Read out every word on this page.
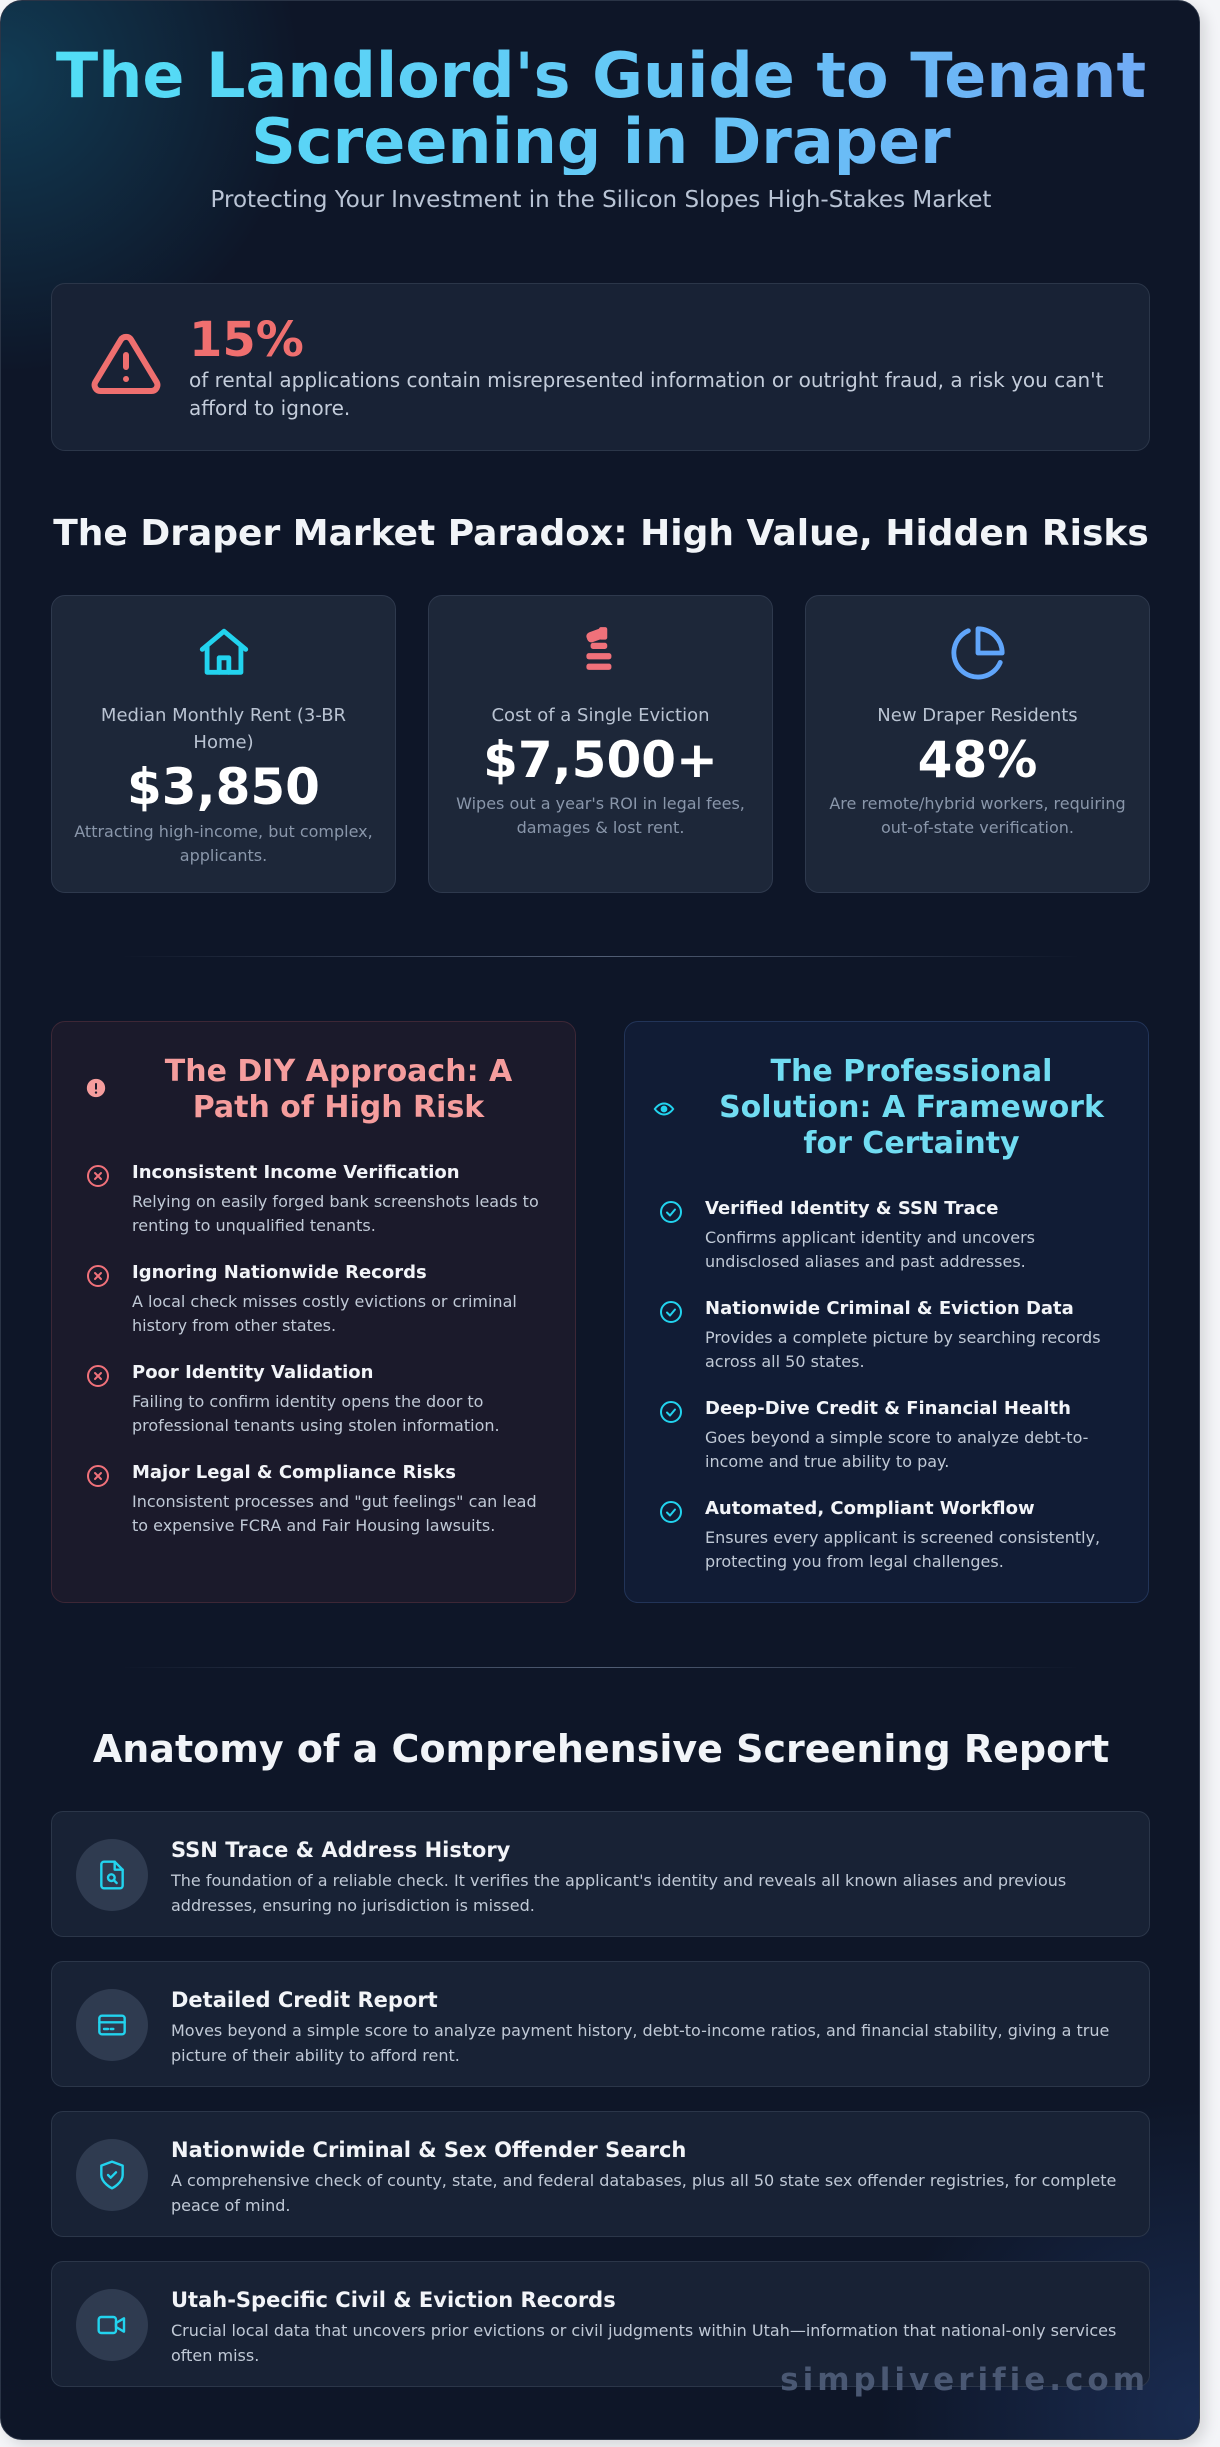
The Landlord's Guide to Tenant
Screening in Draper
Protecting Your Investment in the Silicon Slopes High-Stakes Market
15%
of rental applications contain misrepresented information or outright fraud, a risk you can't afford to ignore.
The Draper Market Paradox: High Value, Hidden Risks
Median Monthly Rent (3-BR Home)
$3,850
Attracting high-income, but complex, applicants.
Cost of a Single Eviction
$7,500+
Wipes out a year's ROI in legal fees, damages & lost rent.
New Draper Residents
48%
Are remote/hybrid workers, requiring out-of-state verification.
The DIY Approach: A
Path of High Risk
Inconsistent Income Verification
Relying on easily forged bank screenshots leads to renting to unqualified tenants.
Ignoring Nationwide Records
A local check misses costly evictions or criminal history from other states.
Poor Identity Validation
Failing to confirm identity opens the door to professional tenants using stolen information.
Major Legal & Compliance Risks
Inconsistent processes and "gut feelings" can lead to expensive FCRA and Fair Housing lawsuits.
The Professional
Solution: A Framework
for Certainty
Verified Identity & SSN Trace
Confirms applicant identity and uncovers undisclosed aliases and past addresses.
Nationwide Criminal & Eviction Data
Provides a complete picture by searching records across all 50 states.
Deep-Dive Credit & Financial Health
Goes beyond a simple score to analyze debt-to-income and true ability to pay.
Automated, Compliant Workflow
Ensures every applicant is screened consistently, protecting you from legal challenges.
Anatomy of a Comprehensive Screening Report
SSN Trace & Address History
The foundation of a reliable check. It verifies the applicant's identity and reveals all known aliases and previous addresses, ensuring no jurisdiction is missed.
Detailed Credit Report
Moves beyond a simple score to analyze payment history, debt-to-income ratios, and financial stability, giving a true picture of their ability to afford rent.
Nationwide Criminal & Sex Offender Search
A comprehensive check of county, state, and federal databases, plus all 50 state sex offender registries, for complete peace of mind.
Utah-Specific Civil & Eviction Records
Crucial local data that uncovers prior evictions or civil judgments within Utah—information that national-only services often miss.
simpliverifie.com
